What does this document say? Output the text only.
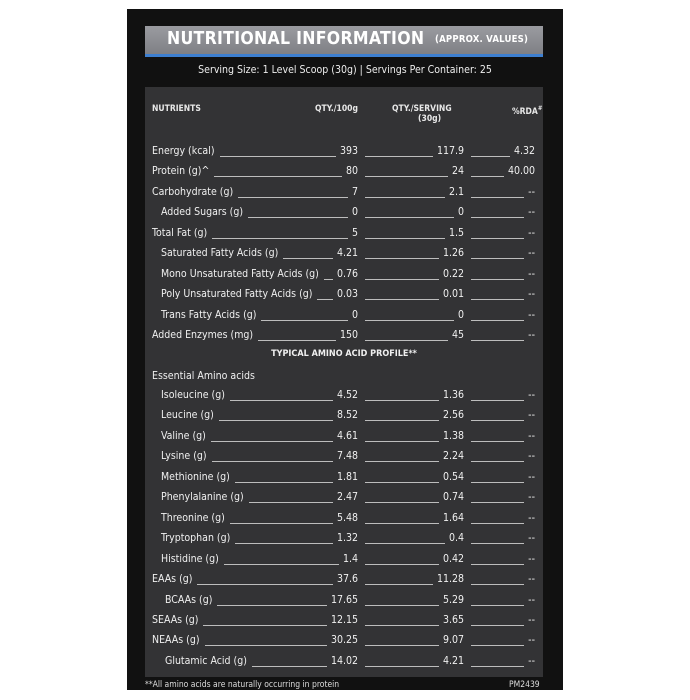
NUTRITIONAL INFORMATION (APPROX. VALUES)
Serving Size: 1 Level Scoop (30g) | Servings Per Container: 25
NUTRIENTS	QTY./100g	QTY./SERVING
(30g)
%RDA#
Energy (kcal)	393	117.9	4.32
Protein (g)^	80	24	40.00
Carbohydrate (g)	7	2.1	--
Added Sugars (g)	0	0	--
Total Fat (g)	5	1.5	--
Saturated Fatty Acids (g)	4.21	1.26	--
Mono Unsaturated Fatty Acids (g)	0.76	0.22	--
Poly Unsaturated Fatty Acids (g)	0.03	0.01	--
Trans Fatty Acids (g)	0	0	--
Added Enzymes (mg)	150	45	--
TYPICAL AMINO ACID PROFILE**
Essential Amino acids
Isoleucine (g)	4.52	1.36	--
Leucine (g)	8.52	2.56	--
Valine (g)	4.61	1.38	--
Lysine (g)	7.48	2.24	--
Methionine (g)	1.81	0.54	--
Phenylalanine (g)	2.47	0.74	--
Threonine (g)	5.48	1.64	--
Tryptophan (g)	1.32	0.4	--
Histidine (g)	1.4	0.42	--
EAAs (g)	37.6	11.28	--
BCAAs (g)	17.65	5.29	--
SEAAs (g)	12.15	3.65	--
NEAAs (g)	30.25	9.07	--
Glutamic Acid (g)	14.02	4.21	--
**All amino acids are naturally occurring in protein	PM2439
